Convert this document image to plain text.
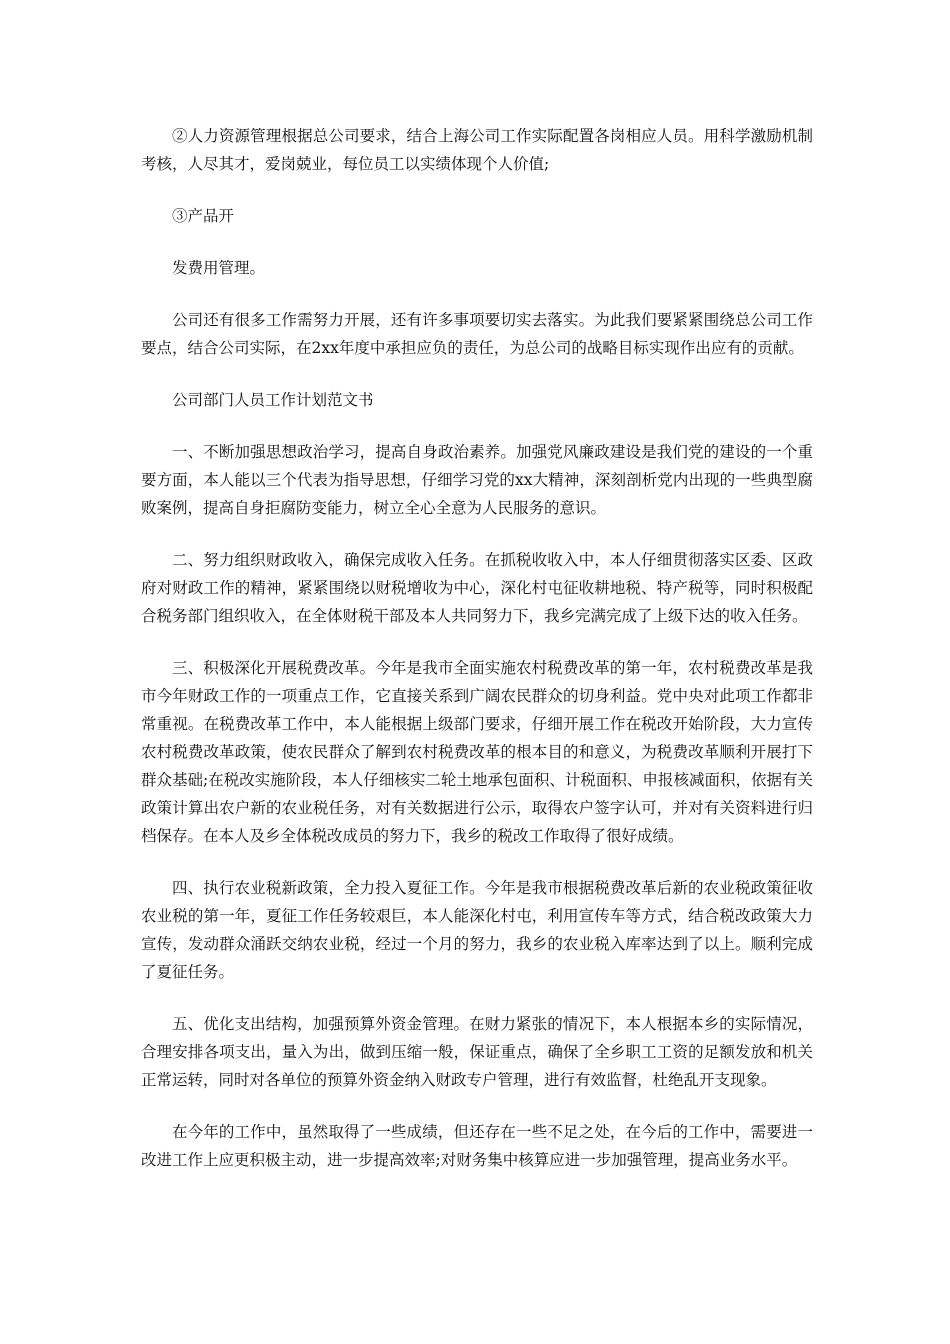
②人力资源管理根据总公司要求，结合上海公司工作实际配置各岗相应人员。用科学激励机制考核，人尽其才，爱岗兢业，每位员工以实绩体现个人价值;

③产品开

发费用管理。

公司还有很多工作需努力开展，还有许多事项要切实去落实。为此我们要紧紧围绕总公司工作要点，结合公司实际，在2xx年度中承担应负的责任，为总公司的战略目标实现作出应有的贡献。

公司部门人员工作计划范文书

一、不断加强思想政治学习，提高自身政治素养。加强党风廉政建设是我们党的建设的一个重要方面，本人能以三个代表为指导思想，仔细学习党的xx大精神，深刻剖析党内出现的一些典型腐败案例，提高自身拒腐防变能力，树立全心全意为人民服务的意识。

二、努力组织财政收入，确保完成收入任务。在抓税收收入中，本人仔细贯彻落实区委、区政府对财政工作的精神，紧紧围绕以财税增收为中心，深化村屯征收耕地税、特产税等，同时积极配合税务部门组织收入，在全体财税干部及本人共同努力下，我乡完满完成了上级下达的收入任务。

三、积极深化开展税费改革。今年是我市全面实施农村税费改革的第一年，农村税费改革是我市今年财政工作的一项重点工作，它直接关系到广阔农民群众的切身利益。党中央对此项工作都非常重视。在税费改革工作中，本人能根据上级部门要求，仔细开展工作在税改开始阶段，大力宣传农村税费改革政策，使农民群众了解到农村税费改革的根本目的和意义，为税费改革顺利开展打下群众基础;在税改实施阶段，本人仔细核实二轮土地承包面积、计税面积、申报核减面积，依据有关政策计算出农户新的农业税任务，对有关数据进行公示，取得农户签字认可，并对有关资料进行归档保存。在本人及乡全体税改成员的努力下，我乡的税改工作取得了很好成绩。

四、执行农业税新政策，全力投入夏征工作。今年是我市根据税费改革后新的农业税政策征收农业税的第一年，夏征工作任务较艰巨，本人能深化村屯，利用宣传车等方式，结合税改政策大力宣传，发动群众涌跃交纳农业税，经过一个月的努力，我乡的农业税入库率达到了以上。顺利完成了夏征任务。

五、优化支出结构，加强预算外资金管理。在财力紧张的情况下，本人根据本乡的实际情况，合理安排各项支出，量入为出，做到压缩一般，保证重点，确保了全乡职工工资的足额发放和机关正常运转，同时对各单位的预算外资金纳入财政专户管理，进行有效监督，杜绝乱开支现象。

在今年的工作中，虽然取得了一些成绩，但还存在一些不足之处，在今后的工作中，需要进一改进工作上应更积极主动，进一步提高效率;对财务集中核算应进一步加强管理，提高业务水平。
